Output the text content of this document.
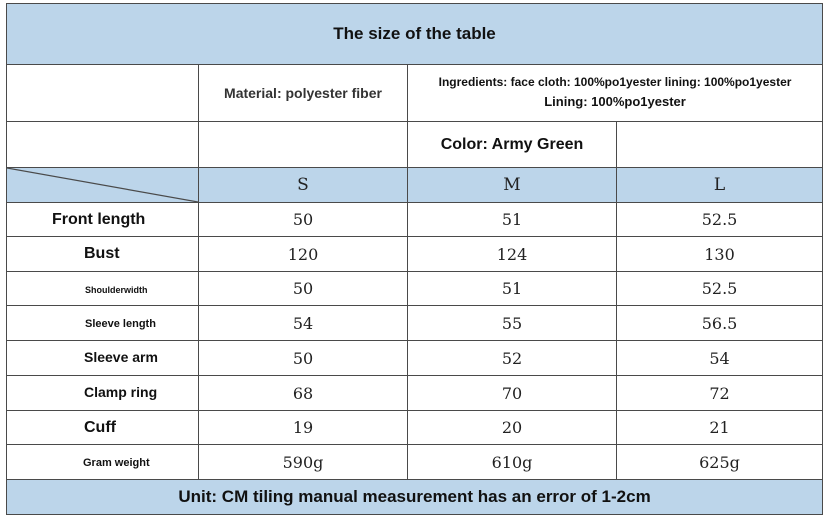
The size of the table			
	Material: polyester fiber	Ingredients: face cloth: 100%po1yester lining: 100%po1yester
Lining: 100%po1yester	

		Color: Army Green	

	S	M	L
Front length	50	51	52.5
Bust	120	124	130
Shoulderwidth	50	51	52.5
Sleeve length	54	55	56.5
Sleeve arm	50	52	54
Clamp ring	68	70	72
Cuff	19	20	21
Gram weight	590g	610g	625g
Unit: CM tiling manual measurement has an error of 1-2cm			
